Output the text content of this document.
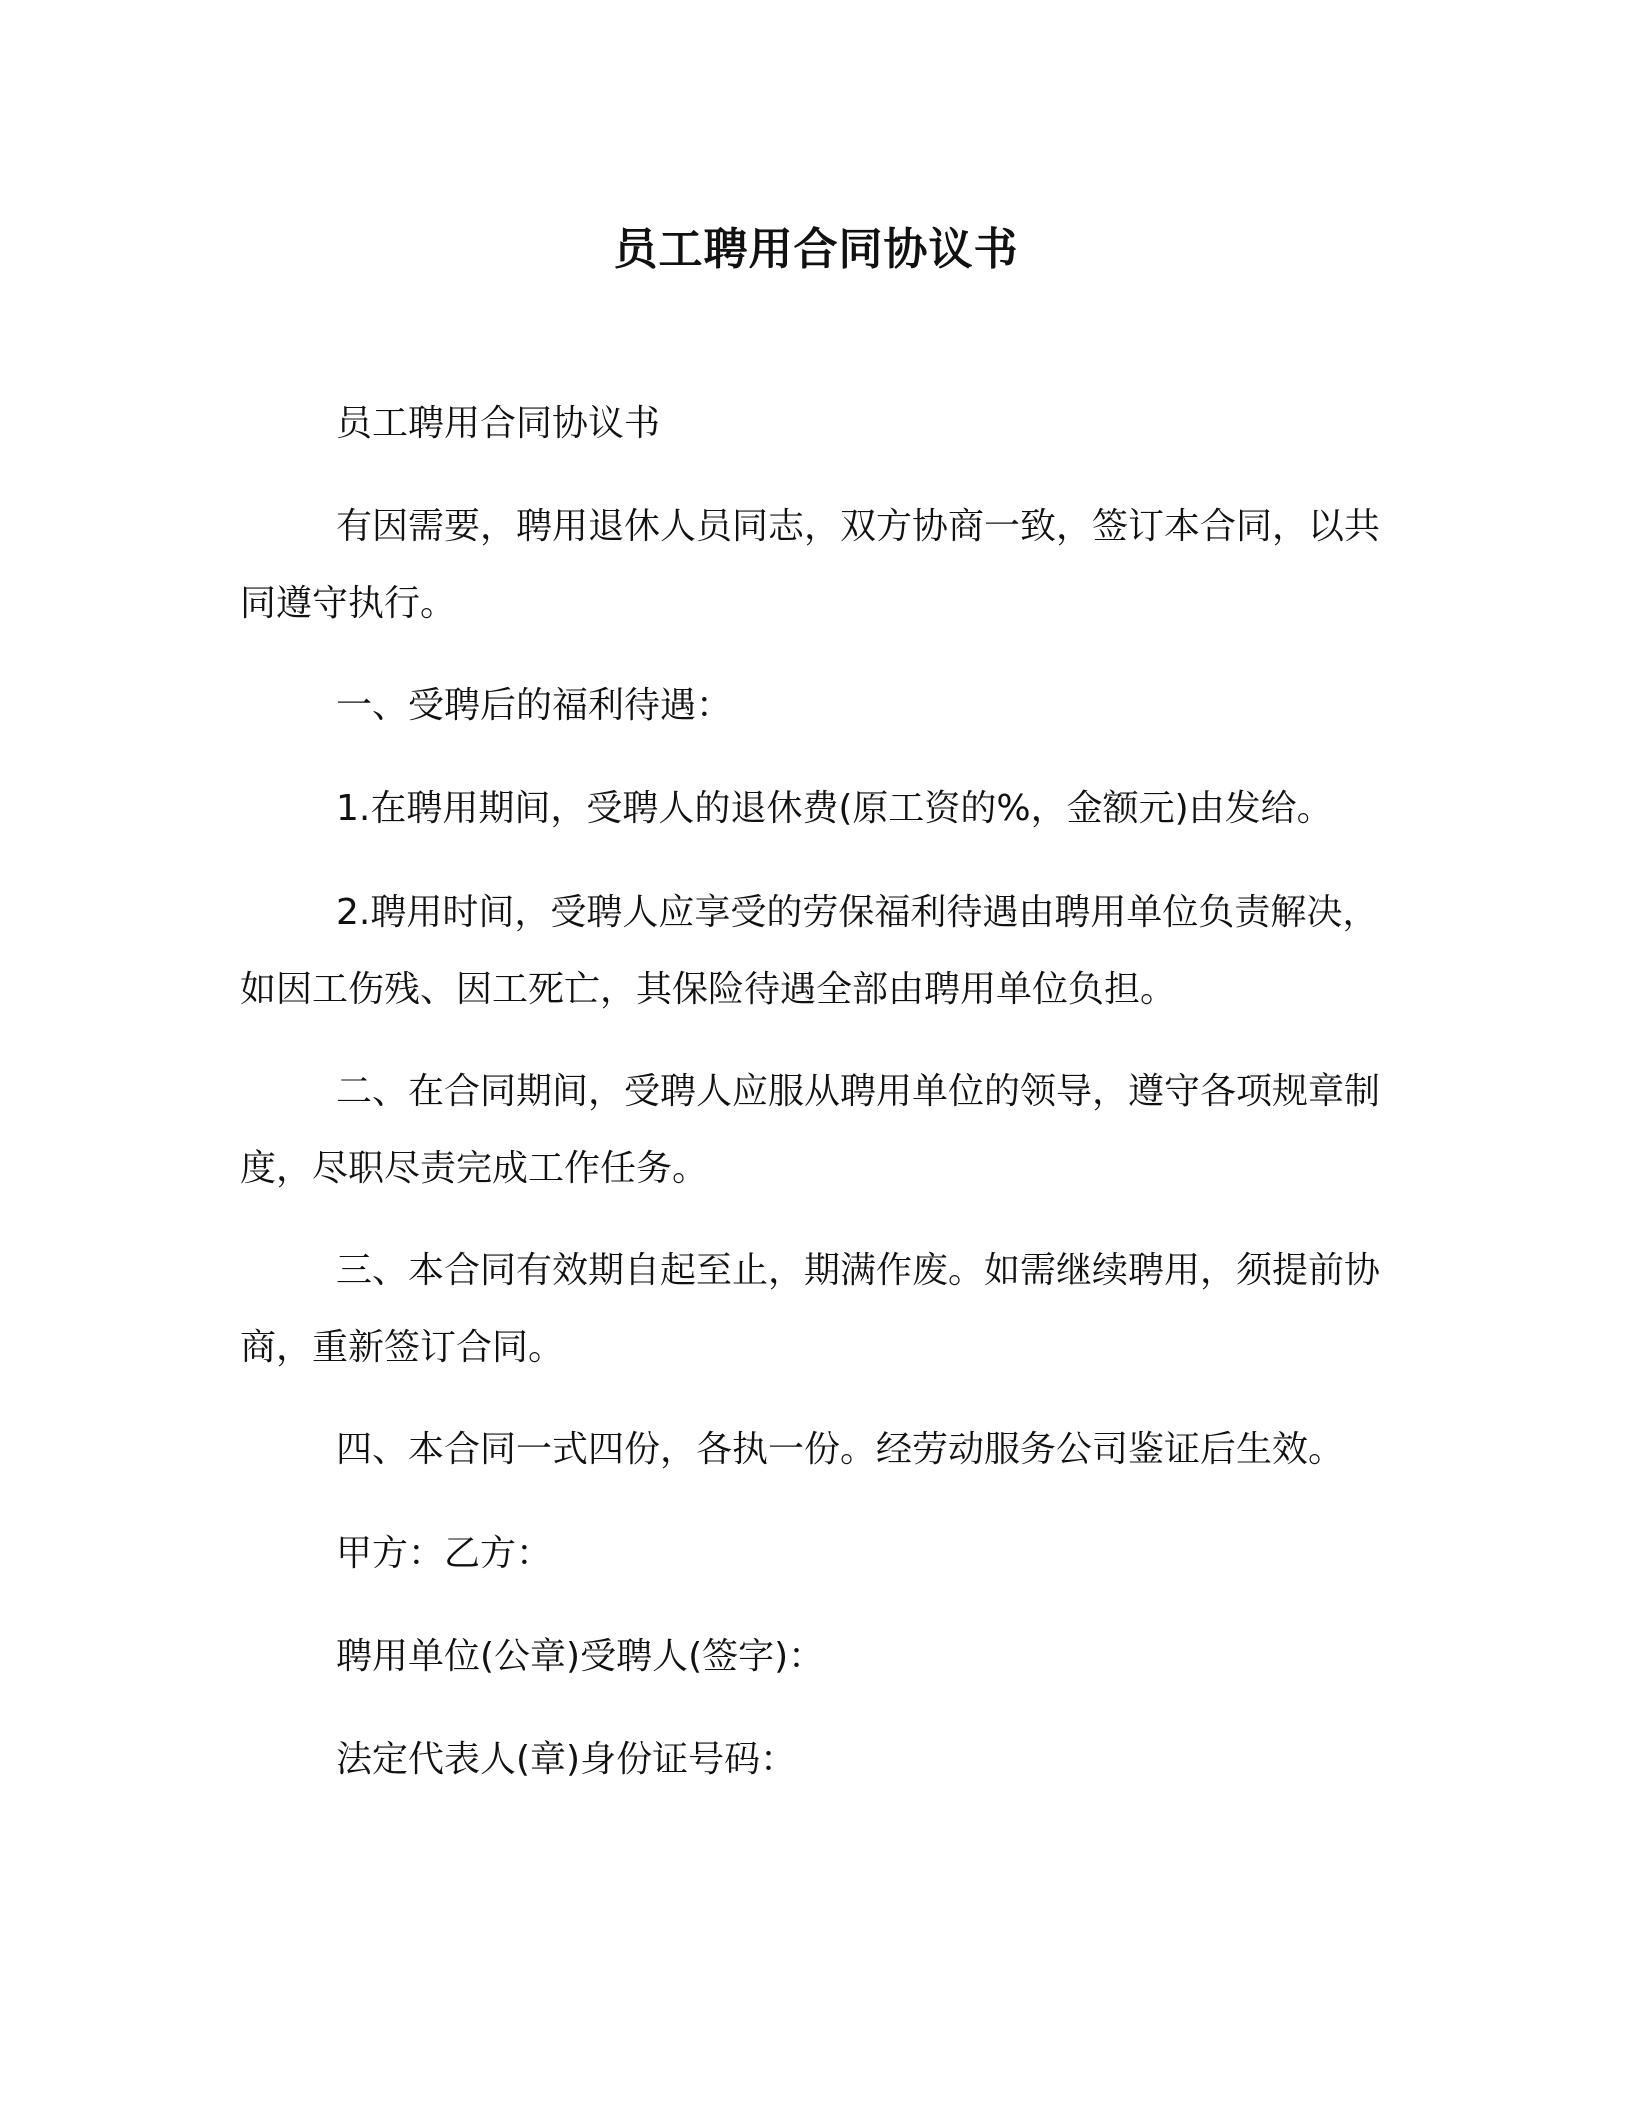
员工聘用合同协议书

员工聘用合同协议书

有因需要，聘用退休人员同志，双方协商一致，签订本合同，以共同遵守执行。

一、受聘后的福利待遇：

1.在聘用期间，受聘人的退休费(原工资的%，金额元)由发给。

2.聘用时间，受聘人应享受的劳保福利待遇由聘用单位负责解决，如因工伤残、因工死亡，其保险待遇全部由聘用单位负担。

二、在合同期间，受聘人应服从聘用单位的领导，遵守各项规章制度，尽职尽责完成工作任务。

三、本合同有效期自起至止，期满作废。如需继续聘用，须提前协商，重新签订合同。

四、本合同一式四份，各执一份。经劳动服务公司鉴证后生效。

甲方：乙方：

聘用单位(公章)受聘人(签字)：

法定代表人(章)身份证号码：
